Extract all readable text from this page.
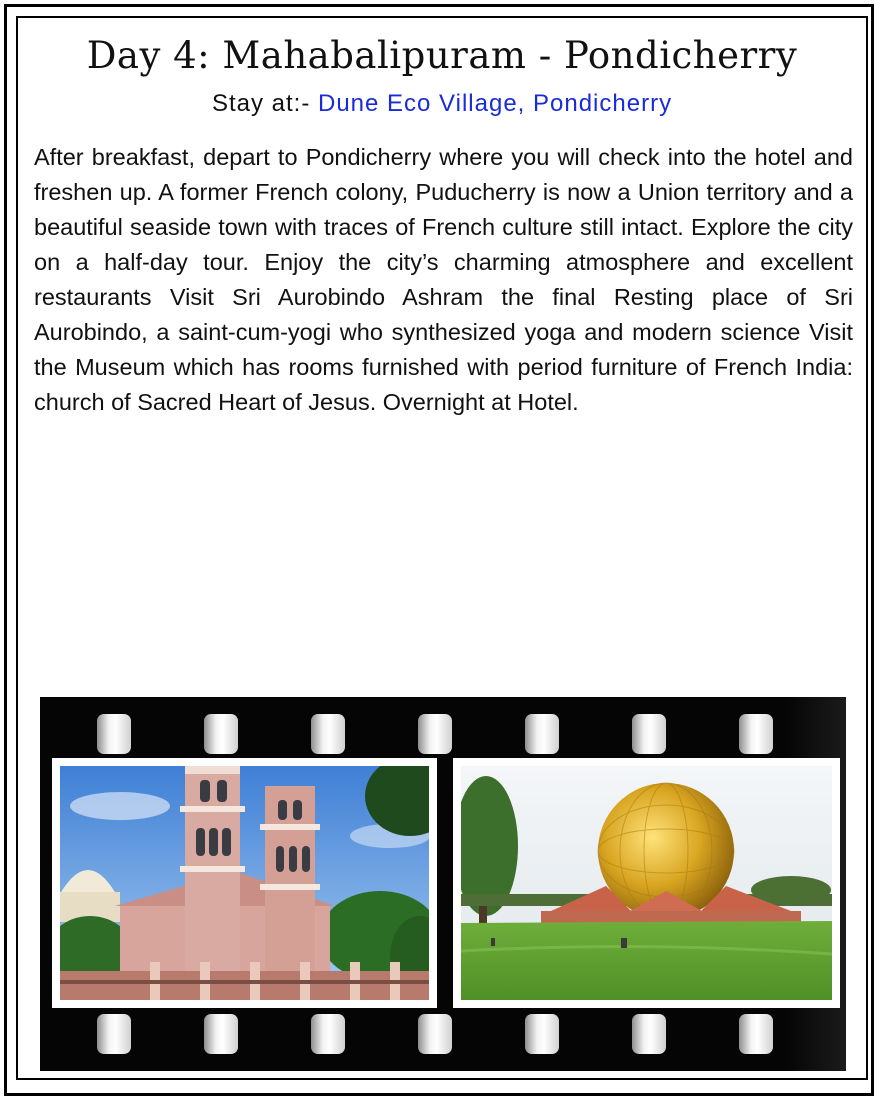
Day 4: Mahabalipuram - Pondicherry
Stay at:- Dune Eco Village, Pondicherry

After breakfast, depart to Pondicherry where you will check into the hotel and freshen up. A former French colony, Puducherry is now a Union territory and a beautiful seaside town with traces of French culture still intact. Explore the city on a half-day tour. Enjoy the city’s charming atmosphere and excellent restaurants Visit Sri Aurobindo Ashram the final Resting place of Sri Aurobindo, a saint-cum-yogi who synthesized yoga and modern science Visit the Museum which has rooms furnished with period furniture of French India: church of Sacred Heart of Jesus. Overnight at Hotel.
